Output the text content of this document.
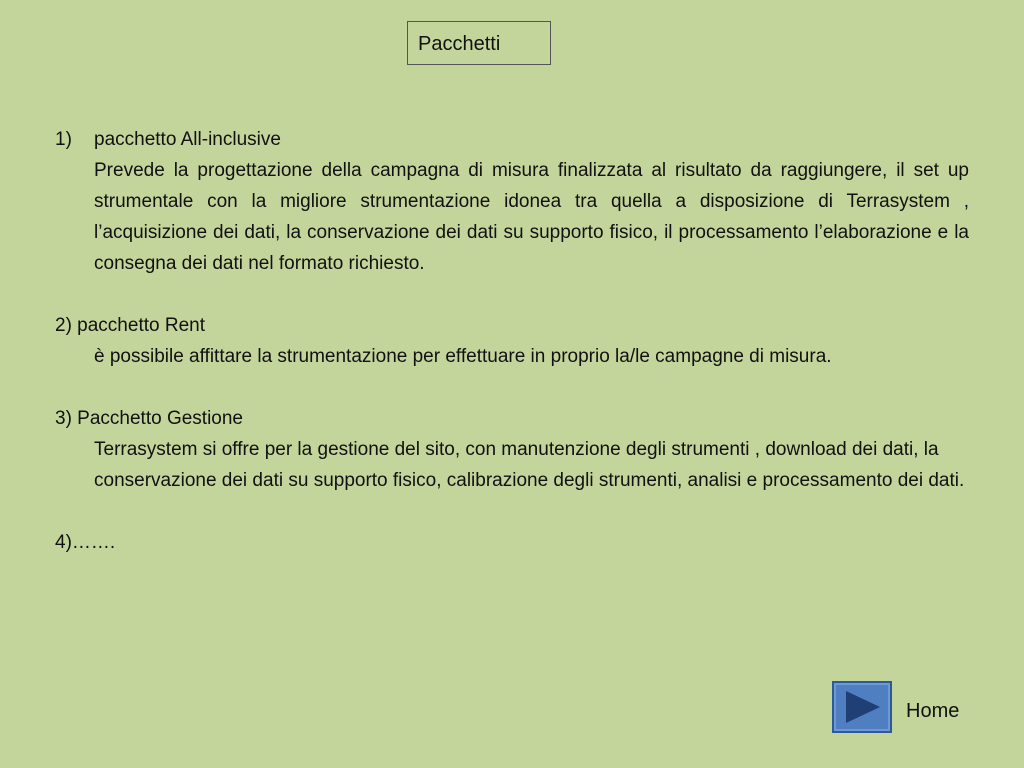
Pacchetti

1) pacchetto All-inclusive

Prevede la progettazione della campagna di misura finalizzata al risultato da raggiungere, il set up strumentale con la migliore strumentazione idonea tra quella a disposizione di Terrasystem , l’acquisizione dei dati, la conservazione dei dati su supporto fisico, il processamento l’elaborazione e la consegna dei dati nel formato richiesto.

2) pacchetto Rent

è possibile affittare la strumentazione per effettuare in proprio la/le campagne di misura.

3) Pacchetto Gestione

Terrasystem si offre per la gestione del sito, con manutenzione degli strumenti , download dei dati, la conservazione dei dati su supporto fisico, calibrazione degli strumenti, analisi e processamento dei dati.

4)…….

Home
